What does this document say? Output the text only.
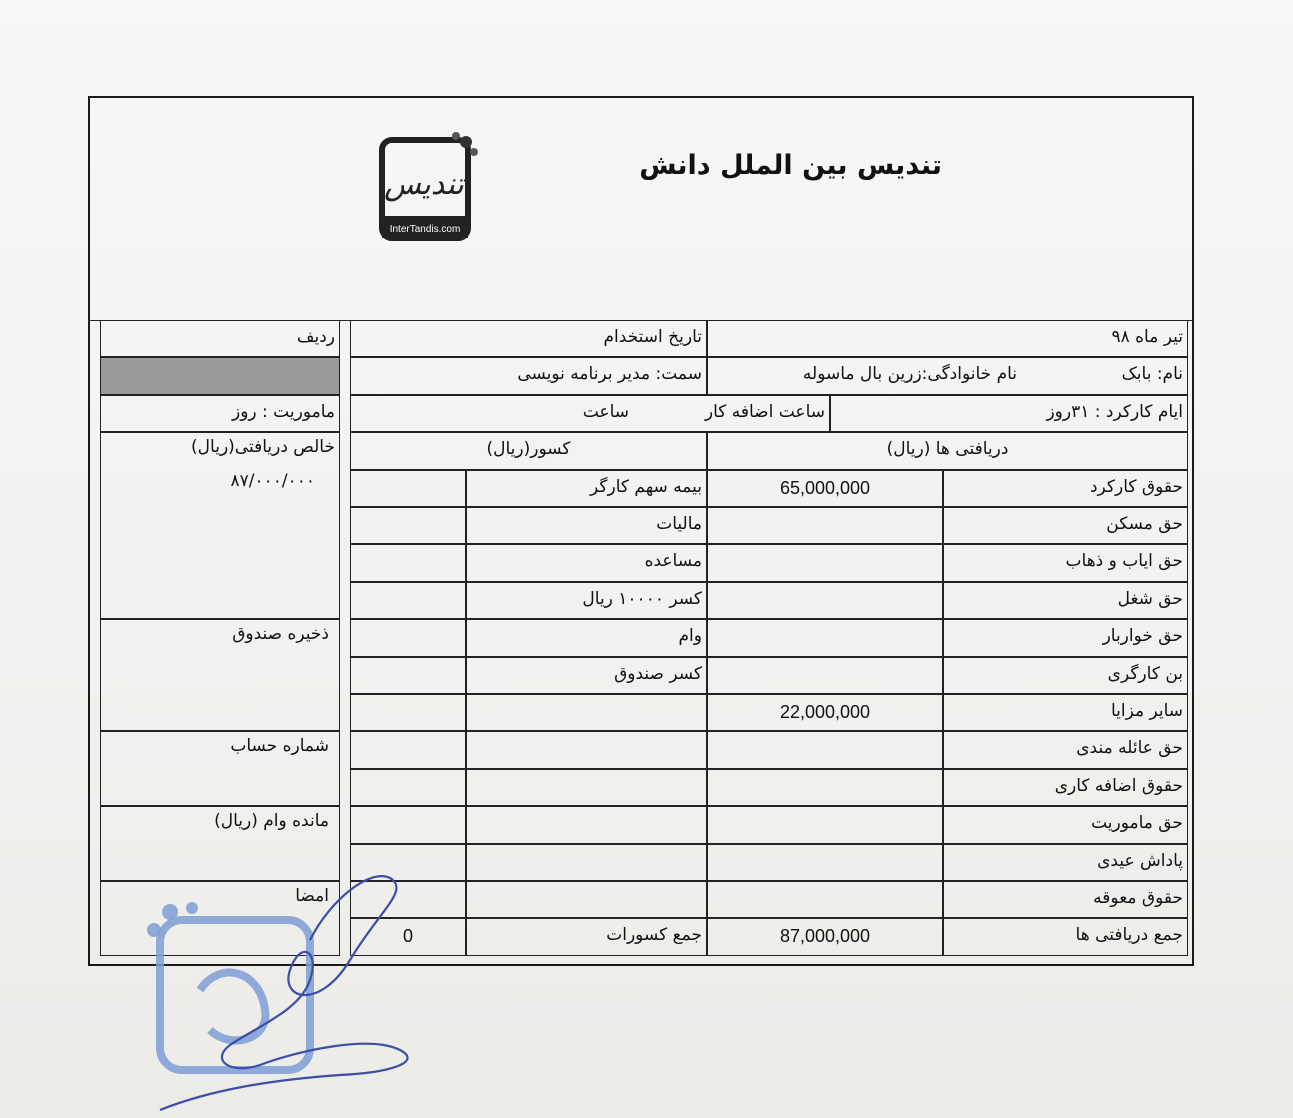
تندیس بین الملل دانش
تندیس
InterTandis.com
تیر ماه ۹۸
تاریخ استخدام
ردیف
نام: بابک
نام خانوادگی:زرین بال ماسوله
سمت: مدیر برنامه نویسی
ایام کارکرد : ۳۱روز
ساعت اضافه کار
ساعت
ماموریت : روز
دریافتی ها (ریال)
کسور(ریال)
حقوق کارکرد
65,000,000
بیمه سهم کارگر
حق مسکن
مالیات
حق ایاب و ذهاب
مساعده
حق شغل
کسر ۱۰۰۰۰ ریال
حق خواربار
وام
بن کارگری
کسر صندوق
سایر مزایا
22,000,000
حق عائله مندی
حقوق اضافه کاری
حق ماموریت
پاداش عیدی
حقوق معوقه
جمع دریافتی ها
87,000,000
جمع کسورات
0
خالص دریافتی(ریال)
۸۷/۰۰۰/۰۰۰
ذخیره صندوق
شماره حساب
مانده وام (ریال)
امضا
